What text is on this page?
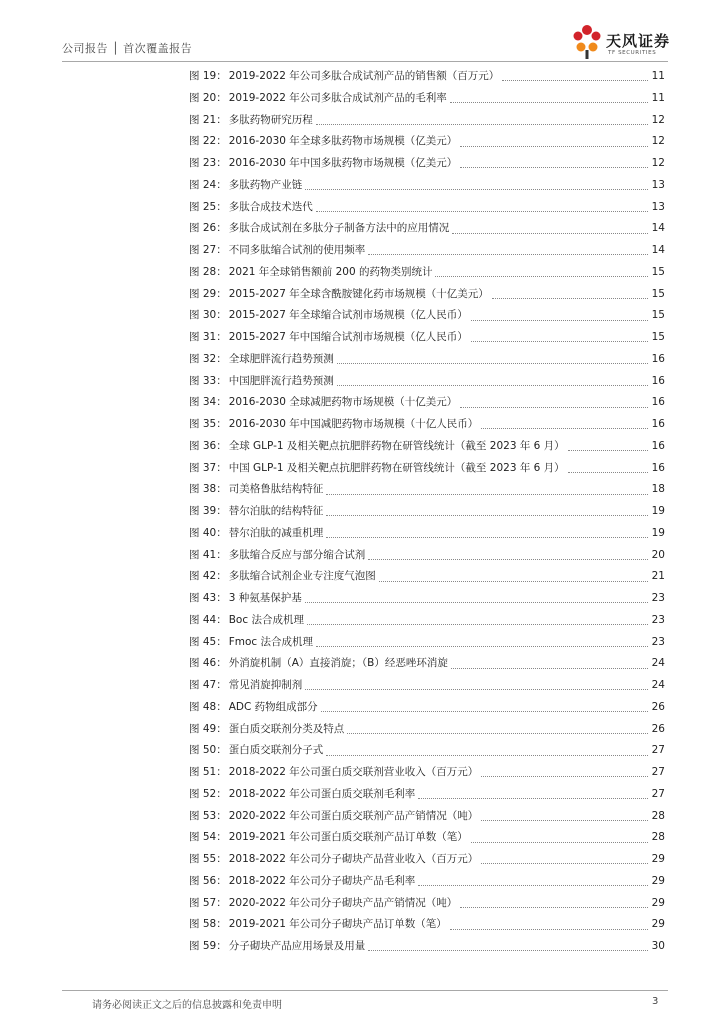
公司报告 │ 首次覆盖报告	天风证券
TF SECURITIES
图 19： 2019-2022 年公司多肽合成试剂产品的销售额（百万元）	11
图 20： 2019-2022 年公司多肽合成试剂产品的毛利率	11
图 21： 多肽药物研究历程	12
图 22： 2016-2030 年全球多肽药物市场规模（亿美元）	12
图 23： 2016-2030 年中国多肽药物市场规模（亿美元）	12
图 24： 多肽药物产业链	13
图 25： 多肽合成技术迭代	13
图 26： 多肽合成试剂在多肽分子制备方法中的应用情况	14
图 27： 不同多肽缩合试剂的使用频率	14
图 28： 2021 年全球销售额前 200 的药物类别统计	15
图 29： 2015-2027 年全球含酰胺键化药市场规模（十亿美元）	15
图 30： 2015-2027 年全球缩合试剂市场规模（亿人民币）	15
图 31： 2015-2027 年中国缩合试剂市场规模（亿人民币）	15
图 32： 全球肥胖流行趋势预测	16
图 33： 中国肥胖流行趋势预测	16
图 34： 2016-2030 全球减肥药物市场规模（十亿美元）	16
图 35： 2016-2030 年中国减肥药物市场规模（十亿人民币）	16
图 36： 全球 GLP-1 及相关靶点抗肥胖药物在研管线统计（截至 2023 年 6 月）	16
图 37： 中国 GLP-1 及相关靶点抗肥胖药物在研管线统计（截至 2023 年 6 月）	16
图 38： 司美格鲁肽结构特征	18
图 39： 替尔泊肽的结构特征	19
图 40： 替尔泊肽的减重机理	19
图 41： 多肽缩合反应与部分缩合试剂	20
图 42： 多肽缩合试剂企业专注度气泡图	21
图 43： 3 种氨基保护基	23
图 44： Boc 法合成机理	23
图 45： Fmoc 法合成机理	23
图 46： 外消旋机制（A）直接消旋；（B）经恶唑环消旋	24
图 47： 常见消旋抑制剂	24
图 48： ADC 药物组成部分	26
图 49： 蛋白质交联剂分类及特点	26
图 50： 蛋白质交联剂分子式	27
图 51： 2018-2022 年公司蛋白质交联剂营业收入（百万元）	27
图 52： 2018-2022 年公司蛋白质交联剂毛利率	27
图 53： 2020-2022 年公司蛋白质交联剂产品产销情况（吨）	28
图 54： 2019-2021 年公司蛋白质交联剂产品订单数（笔）	28
图 55： 2018-2022 年公司分子砌块产品营业收入（百万元）	29
图 56： 2018-2022 年公司分子砌块产品毛利率	29
图 57： 2020-2022 年公司分子砌块产品产销情况（吨）	29
图 58： 2019-2021 年公司分子砌块产品订单数（笔）	29
图 59： 分子砌块产品应用场景及用量	30
请务必阅读正文之后的信息披露和免责申明	3
